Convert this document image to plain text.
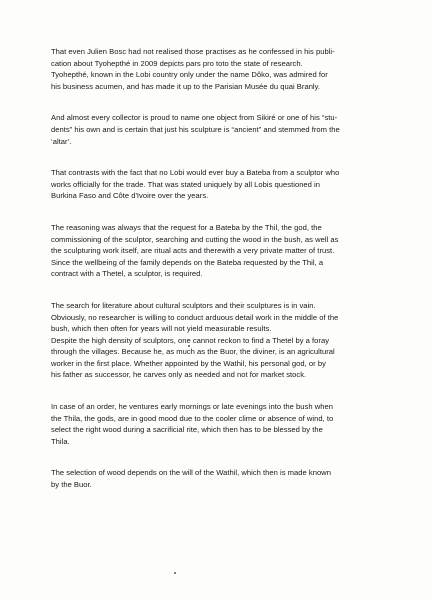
That even Julien Bosc had not realised those practises as he confessed in his publi-
cation about Tyohepthé in 2009 depicts pars pro toto the state of research.
Tyohepthé, known in the Lobi country only under the name Dôko, was admired for
his business acumen, and has made it up to the Parisian Musée du quai Branly.

And almost every collector is proud to name one object from Sikiré or one of his “stu-
dents” his own and is certain that just his sculpture is “ancient” and stemmed from the
‘altar’.

That contrasts with the fact that no Lobi would ever buy a Bateba from a sculptor who
works officially for the trade. That was stated uniquely by all Lobis questioned in
Burkina Faso and Côte d'Ivoire over the years.

The reasoning was always that the request for a Bateba by the Thil, the god, the
commissioning of the sculptor, searching and cutting the wood in the bush, as well as
the sculpturing work itself, are ritual acts and therewith a very private matter of trust.
Since the wellbeing of the family depends on the Bateba requested by the Thil, a
contract with a Thetel, a sculptor, is required.

The search for literature about cultural sculptors and their sculptures is in vain.
Obviously, no researcher is willing to conduct arduous detail work in the middle of the
bush, which then often for years will not yield measurable results.

Despite the high density of sculptors, one cannot reckon to find a Thetel by a foray
through the villages. Because he, as much as the Buor, the diviner, is an agricultural
worker in the first place. Whether appointed by the Wathil, his personal god, or by
his father as successor, he carves only as needed and not for market stock.

In case of an order, he ventures early mornings or late evenings into the bush when
the Thila, the gods, are in good mood due to the cooler clime or absence of wind, to
select the right wood during a sacrificial rite, which then has to be blessed by the
Thila.

The selection of wood depends on the will of the Wathil, which then is made known
by the Buor.
